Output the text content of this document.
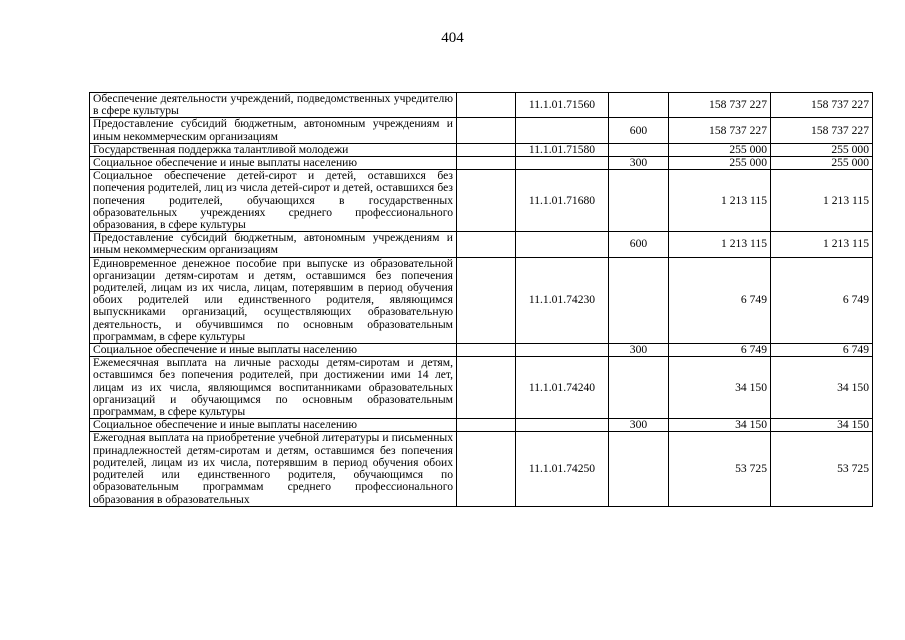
404
Обеспечение деятельности учреждений, подведомственных учредителю в сфере культуры		11.1.01.71560		158 737 227	158 737 227

Предоставление субсидий бюджетным, автономным учреждениям и иным некоммерческим организациям			600	158 737 227	158 737 227

Государственная поддержка талантливой молодежи		11.1.01.71580		255 000	255 000

Социальное обеспечение и иные выплаты населению			300	255 000	255 000

Социальное обеспечение детей-сирот и детей, оставшихся без попечения родителей, лиц из числа детей-сирот и детей, оставшихся без попечения родителей, обучающихся в государственных образовательных учреждениях среднего профессионального образования, в сфере культуры		11.1.01.71680		1 213 115	1 213 115

Предоставление субсидий бюджетным, автономным учреждениям и иным некоммерческим организациям			600	1 213 115	1 213 115

Единовременное денежное пособие при выпуске из образовательной организации детям-сиротам и детям, оставшимся без попечения родителей, лицам из их числа, лицам, потерявшим в период обучения обоих родителей или единственного родителя, являющимся выпускниками организаций, осуществляющих образовательную деятельность, и обучившимся по основным образовательным программам, в сфере культуры		11.1.01.74230		6 749	6 749

Социальное обеспечение и иные выплаты населению			300	6 749	6 749

Ежемесячная выплата на личные расходы детям-сиротам и детям, оставшимся без попечения родителей, при достижении ими 14 лет, лицам из их числа, являющимся воспитанниками образовательных организаций и обучающимся по основным образовательным программам, в сфере культуры		11.1.01.74240		34 150	34 150

Социальное обеспечение и иные выплаты населению			300	34 150	34 150

Ежегодная выплата на приобретение учебной литературы и письменных принадлежностей детям-сиротам и детям, оставшимся без попечения родителей, лицам из их числа, потерявшим в период обучения обоих родителей или единственного родителя, обучающимся по образовательным программам среднего профессионального образования в образовательных		11.1.01.74250		53 725	53 725
